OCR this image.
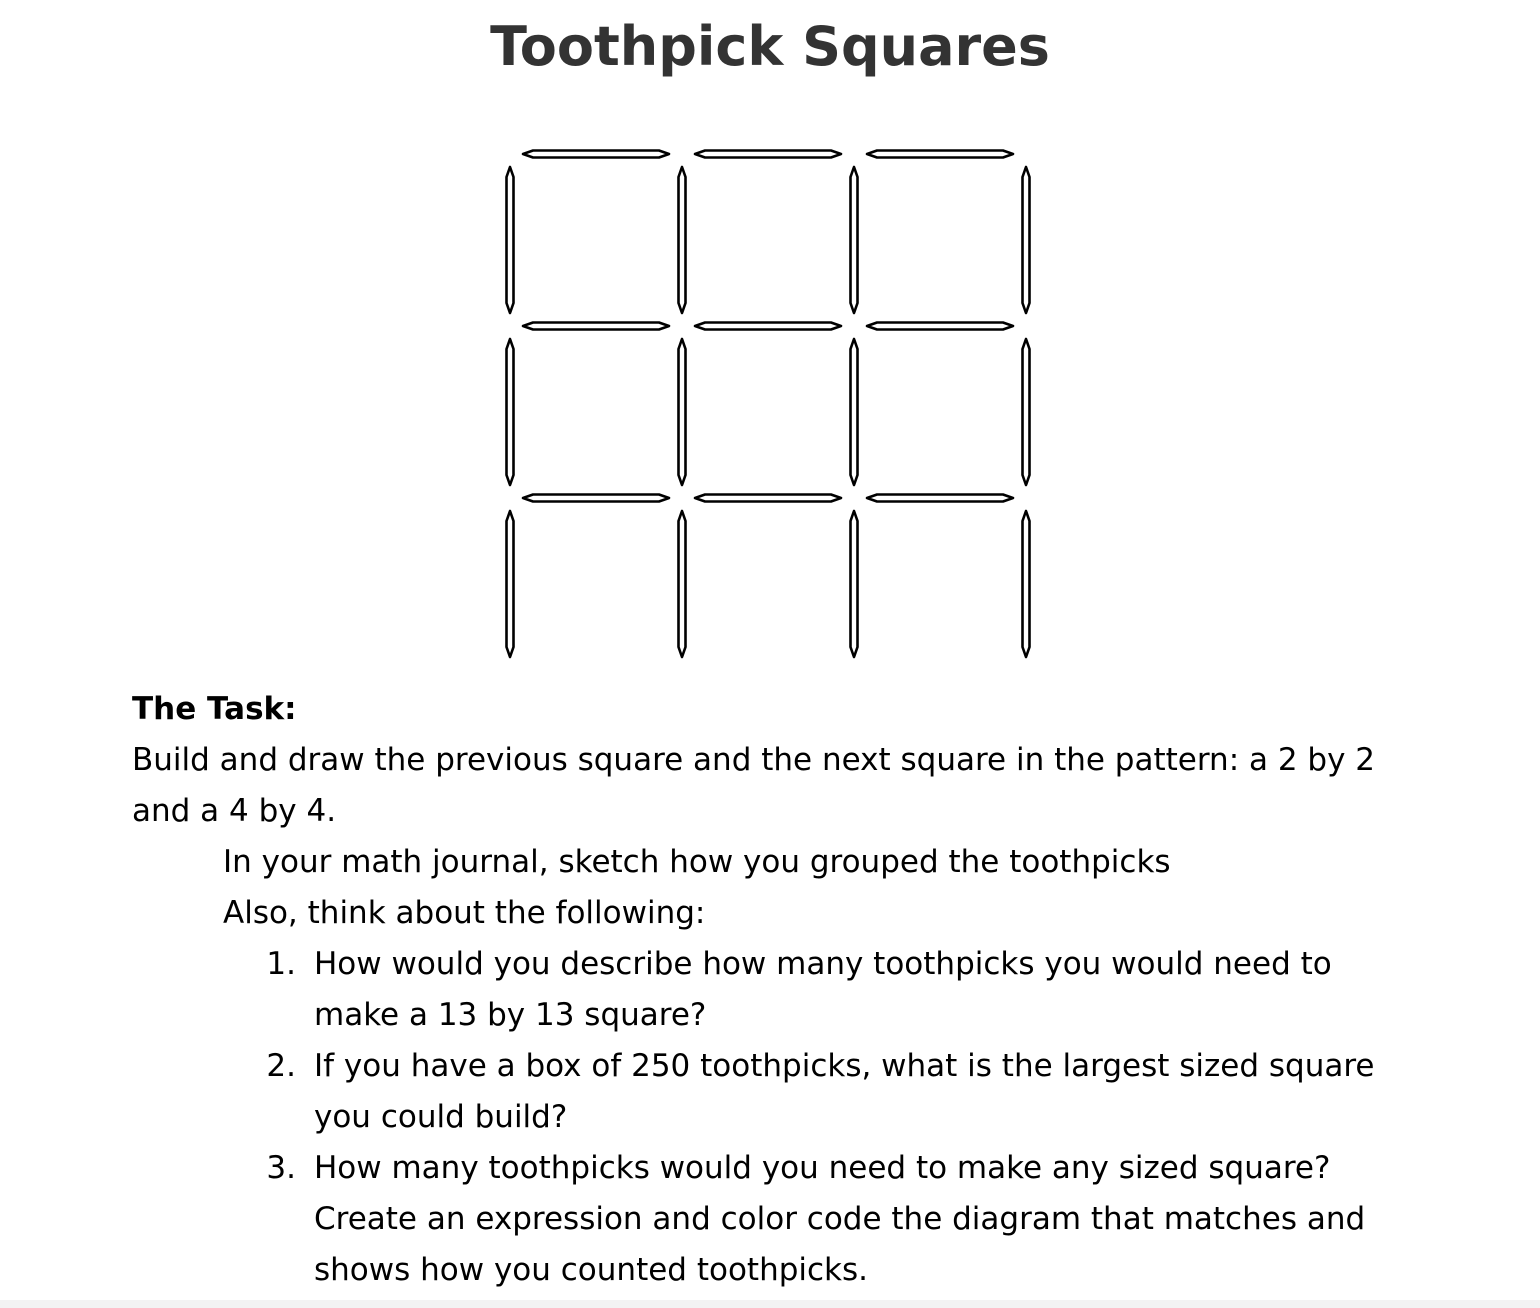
Toothpick Squares
The Task:

Build and draw the previous square and the next square in the pattern: a 2 by 2 and a 4 by 4.

In your math journal, sketch how you grouped the toothpicks

Also, think about the following:

1. How would you describe how many toothpicks you would need to make a 13 by 13 square?
2. If you have a box of 250 toothpicks, what is the largest sized square you could build?
3. How many toothpicks would you need to make any sized square? Create an expression and color code the diagram that matches and shows how you counted toothpicks.
